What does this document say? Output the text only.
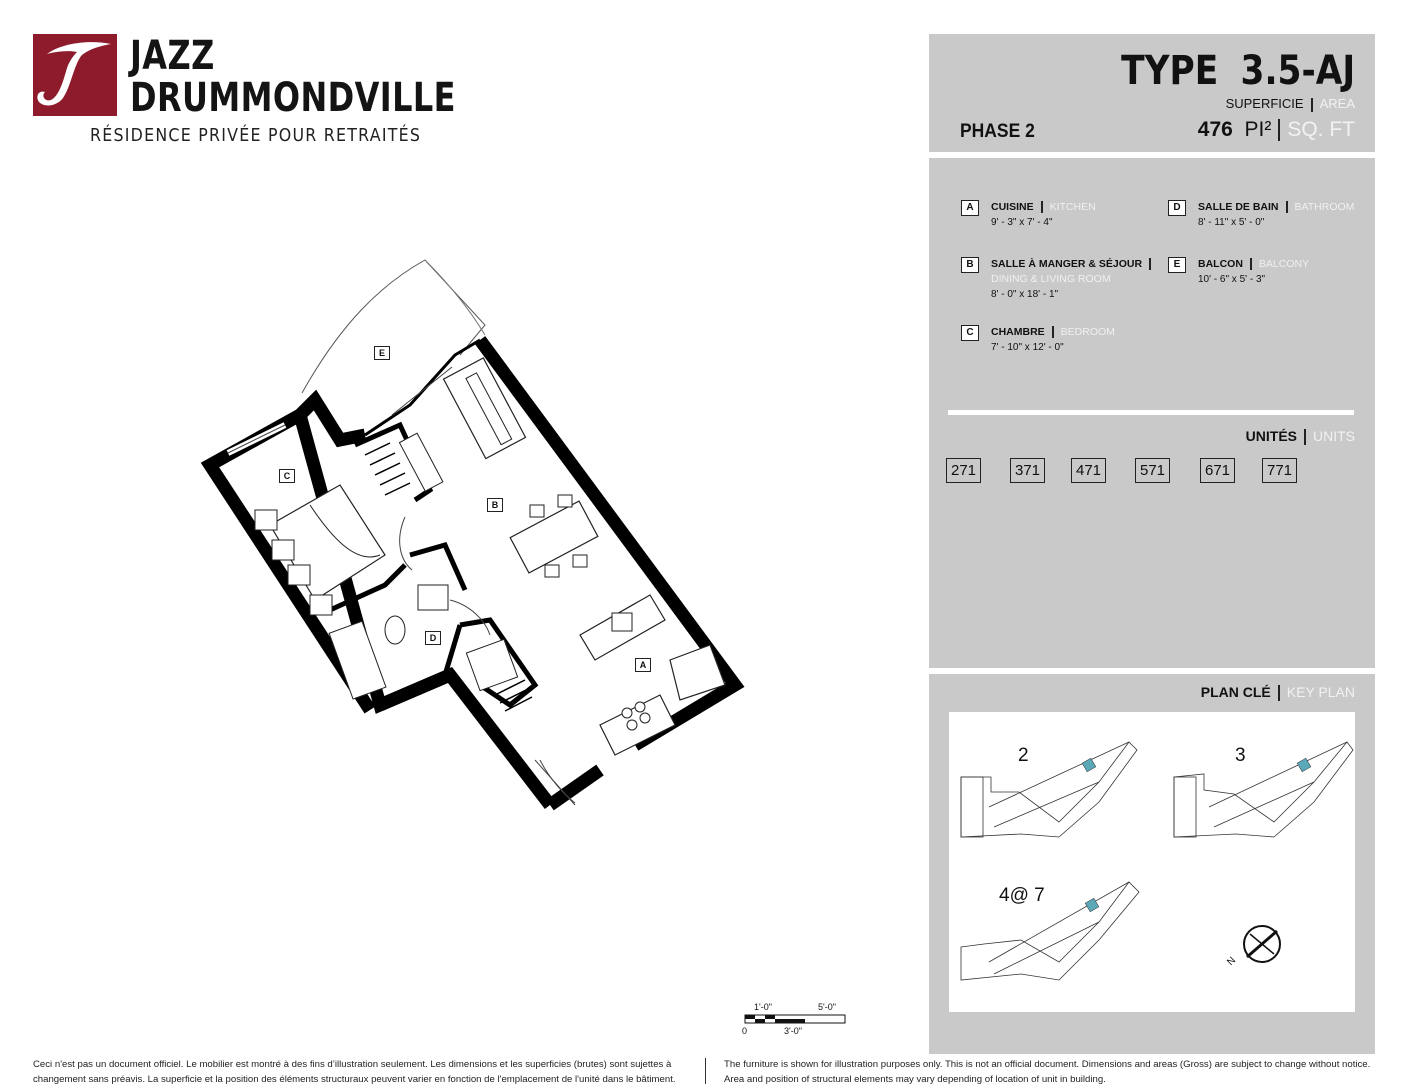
JAZZ
DRUMMONDVILLE
RÉSIDENCE PRIVÉE POUR RETRAITÉS
E
C
B
D
A
TYPE 3.5-AJ
SUPERFICIE AREA
PHASE 2	476 PI² SQ. FT
A	CUISINE KITCHEN
9' - 3" x 7' - 4"
B	SALLE À MANGER & SÉJOUR
DINING & LIVING ROOM
8' - 0" x 18' - 1"
C	CHAMBRE BEDROOM
7' - 10" x 12' - 0"
D	SALLE DE BAIN BATHROOM
8' - 11" x 5' - 0"
E	BALCON BALCONY
10' - 6" x 5' - 3"
UNITÉS UNITS
271	371	471	571	671	771
PLAN CLÉ KEY PLAN
2	3
4@ 7
N
1'-0"	5'-0"
0	3'-0"
Ceci n'est pas un document officiel. Le mobilier est montré à des fins d’illustration seulement. Les dimensions et les superficies (brutes) sont sujettes à changement sans préavis. La superficie et la position des éléments structuraux peuvent varier en fonction de l'emplacement de l'unité dans le bâtiment.
The furniture is shown for illustration purposes only. This is not an official document. Dimensions and areas (Gross) are subject to change without notice. Area and position of structural elements may vary depending of location of unit in building.
